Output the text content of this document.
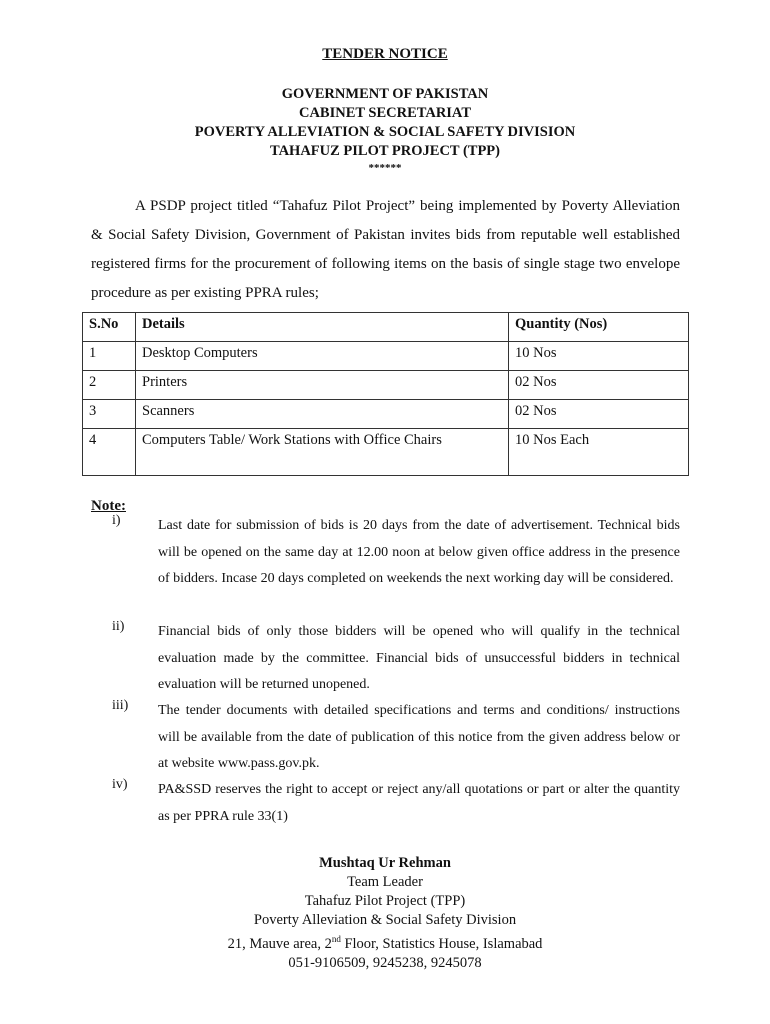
TENDER NOTICE
GOVERNMENT OF PAKISTAN
CABINET SECRETARIAT
POVERTY ALLEVIATION & SOCIAL SAFETY DIVISION
TAHAFUZ PILOT PROJECT (TPP)
******
A PSDP project titled “Tahafuz Pilot Project” being implemented by Poverty Alleviation & Social Safety Division, Government of Pakistan invites bids from reputable well established registered firms for the procurement of following items on the basis of single stage two envelope procedure as per existing PPRA rules;
S.No	Details	Quantity (Nos)
1	Desktop Computers	10 Nos
2	Printers	02 Nos
3	Scanners	02 Nos
4	Computers Table/ Work Stations with Office Chairs	10 Nos Each
Note:
i)	Last date for submission of bids is 20 days from the date of advertisement. Technical bids will be opened on the same day at 12.00 noon at below given office address in the presence of bidders. Incase 20 days completed on weekends the next working day will be considered.
ii)	Financial bids of only those bidders will be opened who will qualify in the technical evaluation made by the committee. Financial bids of unsuccessful bidders in technical evaluation will be returned unopened.
iii)	The tender documents with detailed specifications and terms and conditions/ instructions will be available from the date of publication of this notice from the given address below or at website www.pass.gov.pk.
iv)	PA&SSD reserves the right to accept or reject any/all quotations or part or alter the quantity as per PPRA rule 33(1)
Mushtaq Ur Rehman
Team Leader
Tahafuz Pilot Project (TPP)
Poverty Alleviation & Social Safety Division
21, Mauve area, 2nd Floor, Statistics House, Islamabad
051-9106509, 9245238, 9245078
